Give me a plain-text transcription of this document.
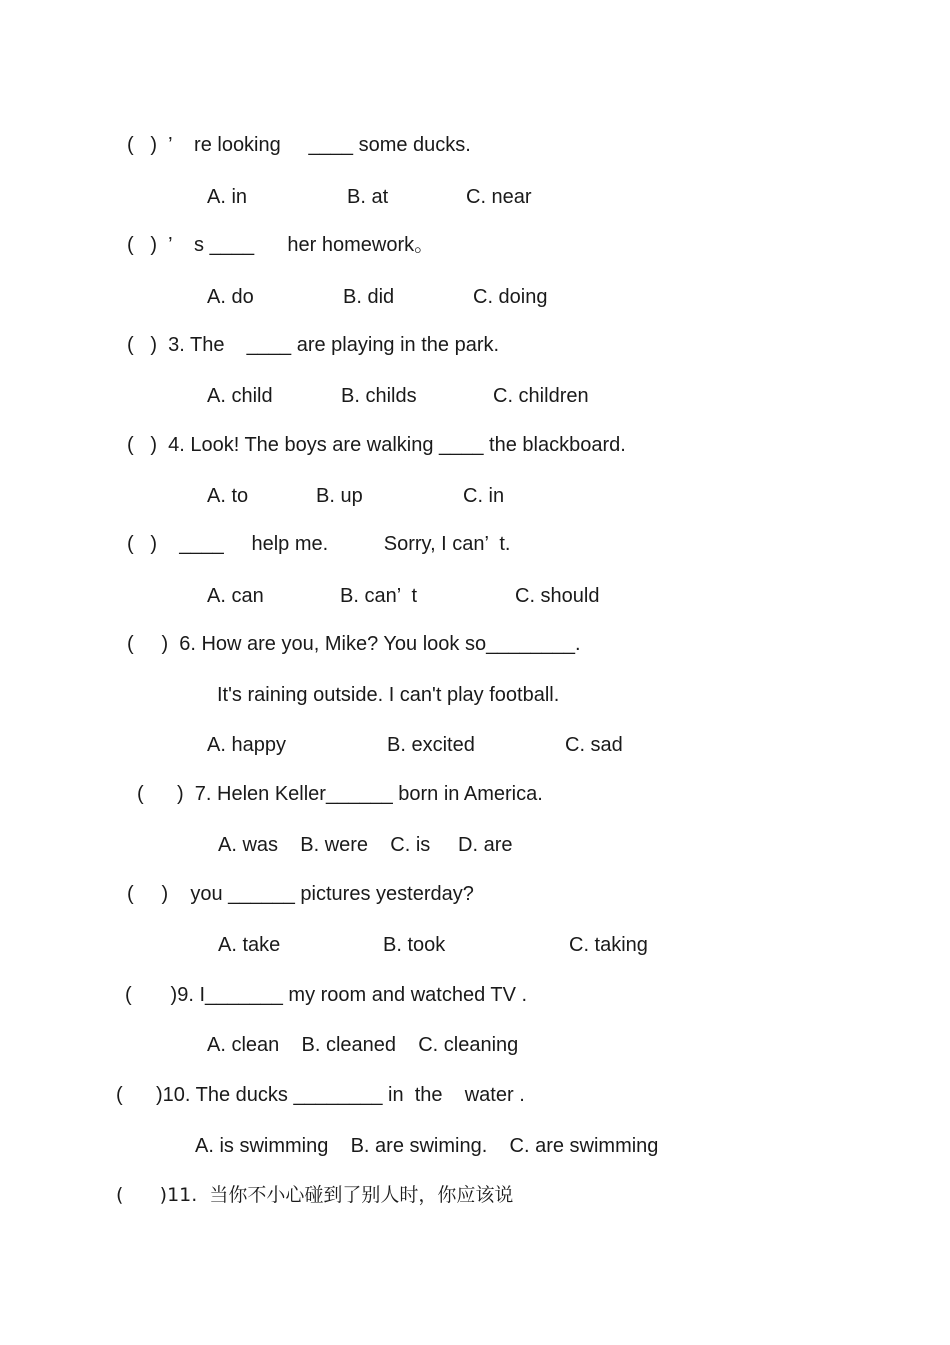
(   )  ’    re looking     ____ some ducks.
A. in	B. at	C. near
(   )  ’    s ____      her homework。
A. do	B. did	C. doing
(   )  3. The    ____ are playing in the park.
A. child	B. childs	C. children
(   )  4. Look! The boys are walking ____ the blackboard.
A. to	B. up	C. in
(   )    ____     help me.          Sorry, I can’  t.
A. can	B. can’  t	C. should
(     )  6. How are you, Mike? You look so________.
It's raining outside. I can't play football.
A. happy	B. excited	C. sad
(      )  7. Helen Keller______ born in America.
A. was    B. were    C. is     D. are
(     )    you ______ pictures yesterday?
A. take	B. took	C. taking
(       )9. I_______ my room and watched TV .
A. clean    B. cleaned    C. cleaning
(      )10. The ducks ________ in  the    water .
A. is swimming    B. are swiming.    C. are swimming
(      )11.  当你不小心碰到了别人时，你应该说
